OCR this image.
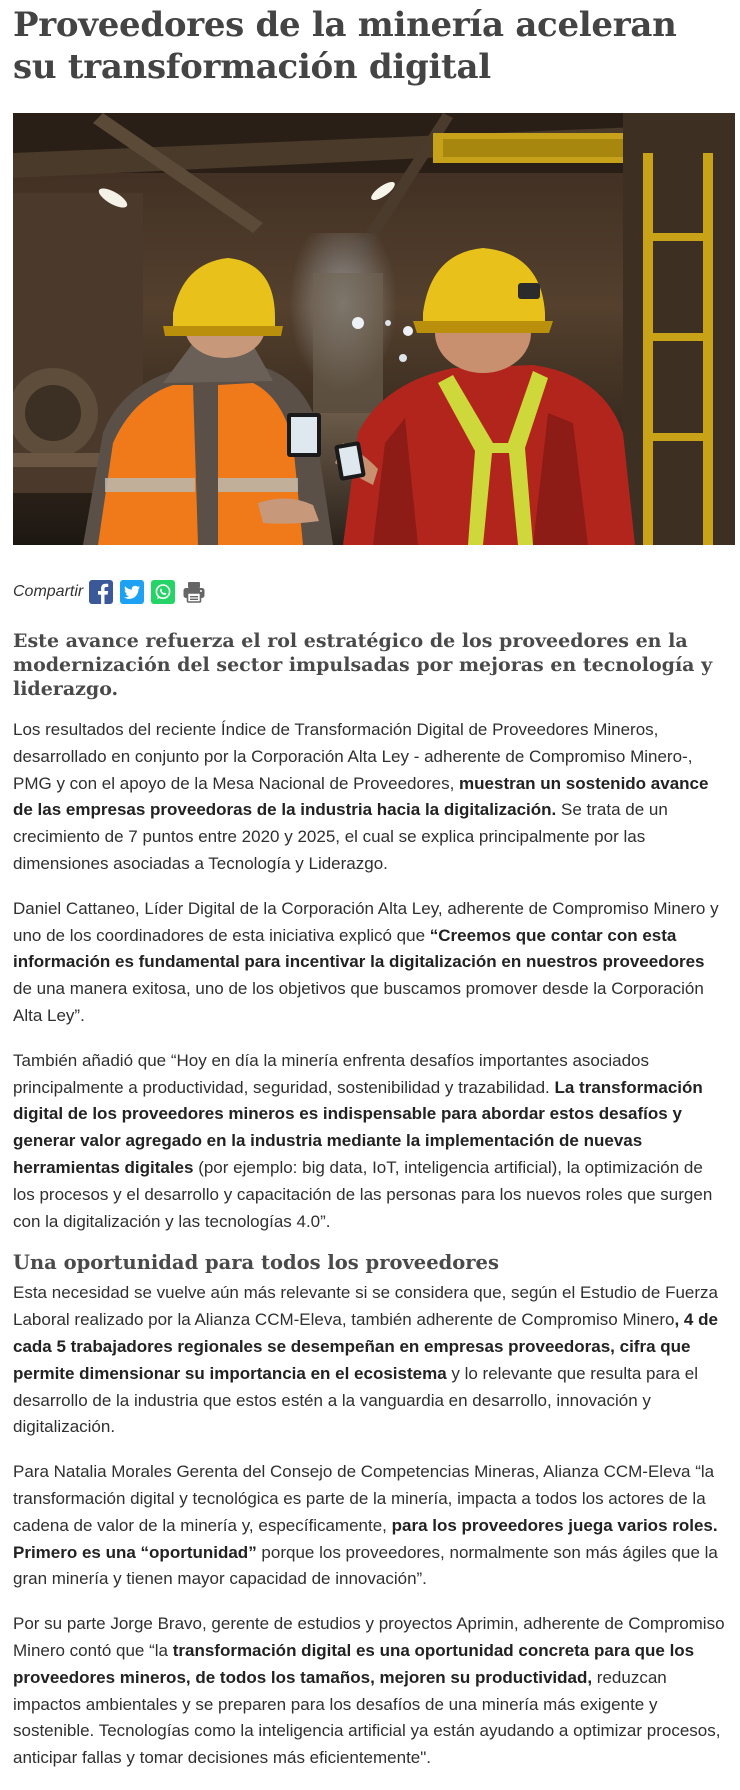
Proveedores de la minería aceleran su transformación digital
Compartir
Este avance refuerza el rol estratégico de los proveedores en la modernización del sector impulsadas por mejoras en tecnología y liderazgo.

Los resultados del reciente Índice de Transformación Digital de Proveedores Mineros, desarrollado en conjunto por la Corporación Alta Ley - adherente de Compromiso Minero-, PMG y con el apoyo de la Mesa Nacional de Proveedores, muestran un sostenido avance de las empresas proveedoras de la industria hacia la digitalización. Se trata de un crecimiento de 7 puntos entre 2020 y 2025, el cual se explica principalmente por las dimensiones asociadas a Tecnología y Liderazgo.

Daniel Cattaneo, Líder Digital de la Corporación Alta Ley, adherente de Compromiso Minero y uno de los coordinadores de esta iniciativa explicó que “Creemos que contar con esta información es fundamental para incentivar la digitalización en nuestros proveedores de una manera exitosa, uno de los objetivos que buscamos promover desde la Corporación Alta Ley”.

También añadió que “Hoy en día la minería enfrenta desafíos importantes asociados principalmente a productividad, seguridad, sostenibilidad y trazabilidad. La transformación digital de los proveedores mineros es indispensable para abordar estos desafíos y generar valor agregado en la industria mediante la implementación de nuevas herramientas digitales (por ejemplo: big data, IoT, inteligencia artificial), la optimización de los procesos y el desarrollo y capacitación de las personas para los nuevos roles que surgen con la digitalización y las tecnologías 4.0”.

Una oportunidad para todos los proveedores

Esta necesidad se vuelve aún más relevante si se considera que, según el Estudio de Fuerza Laboral realizado por la Alianza CCM-Eleva, también adherente de Compromiso Minero, 4 de cada 5 trabajadores regionales se desempeñan en empresas proveedoras, cifra que permite dimensionar su importancia en el ecosistema y lo relevante que resulta para el desarrollo de la industria que estos estén a la vanguardia en desarrollo, innovación y digitalización.

Para Natalia Morales Gerenta del Consejo de Competencias Mineras, Alianza CCM-Eleva “la transformación digital y tecnológica es parte de la minería, impacta a todos los actores de la cadena de valor de la minería y, específicamente, para los proveedores juega varios roles. Primero es una “oportunidad” porque los proveedores, normalmente son más ágiles que la gran minería y tienen mayor capacidad de innovación”.

Por su parte Jorge Bravo, gerente de estudios y proyectos Aprimin, adherente de Compromiso Minero contó que “la transformación digital es una oportunidad concreta para que los proveedores mineros, de todos los tamaños, mejoren su productividad, reduzcan impactos ambientales y se preparen para los desafíos de una minería más exigente y sostenible. Tecnologías como la inteligencia artificial ya están ayudando a optimizar procesos, anticipar fallas y tomar decisiones más eficientemente".
